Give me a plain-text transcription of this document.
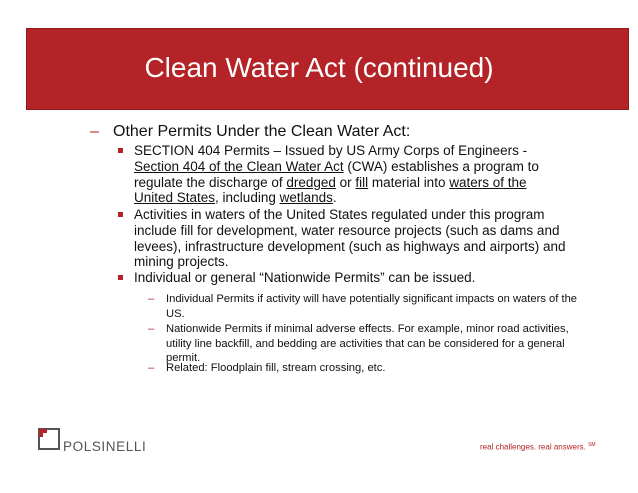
Clean Water Act (continued)
– Other Permits Under the Clean Water Act:
SECTION 404 Permits – Issued by US Army Corps of Engineers - Section 404 of the Clean Water Act (CWA) establishes a program to regulate the discharge of dredged or fill material into waters of the United States, including wetlands.
Activities in waters of the United States regulated under this program include fill for development, water resource projects (such as dams and levees), infrastructure development (such as highways and airports) and mining projects.
Individual or general “Nationwide Permits” can be issued.
– Individual Permits if activity will have potentially significant impacts on waters of the US.
– Nationwide Permits if minimal adverse effects. For example, minor road activities, utility line backfill, and bedding are activities that can be considered for a general permit.
– Related: Floodplain fill, stream crossing, etc.
POLSINELLI	real challenges. real answers. ℠
